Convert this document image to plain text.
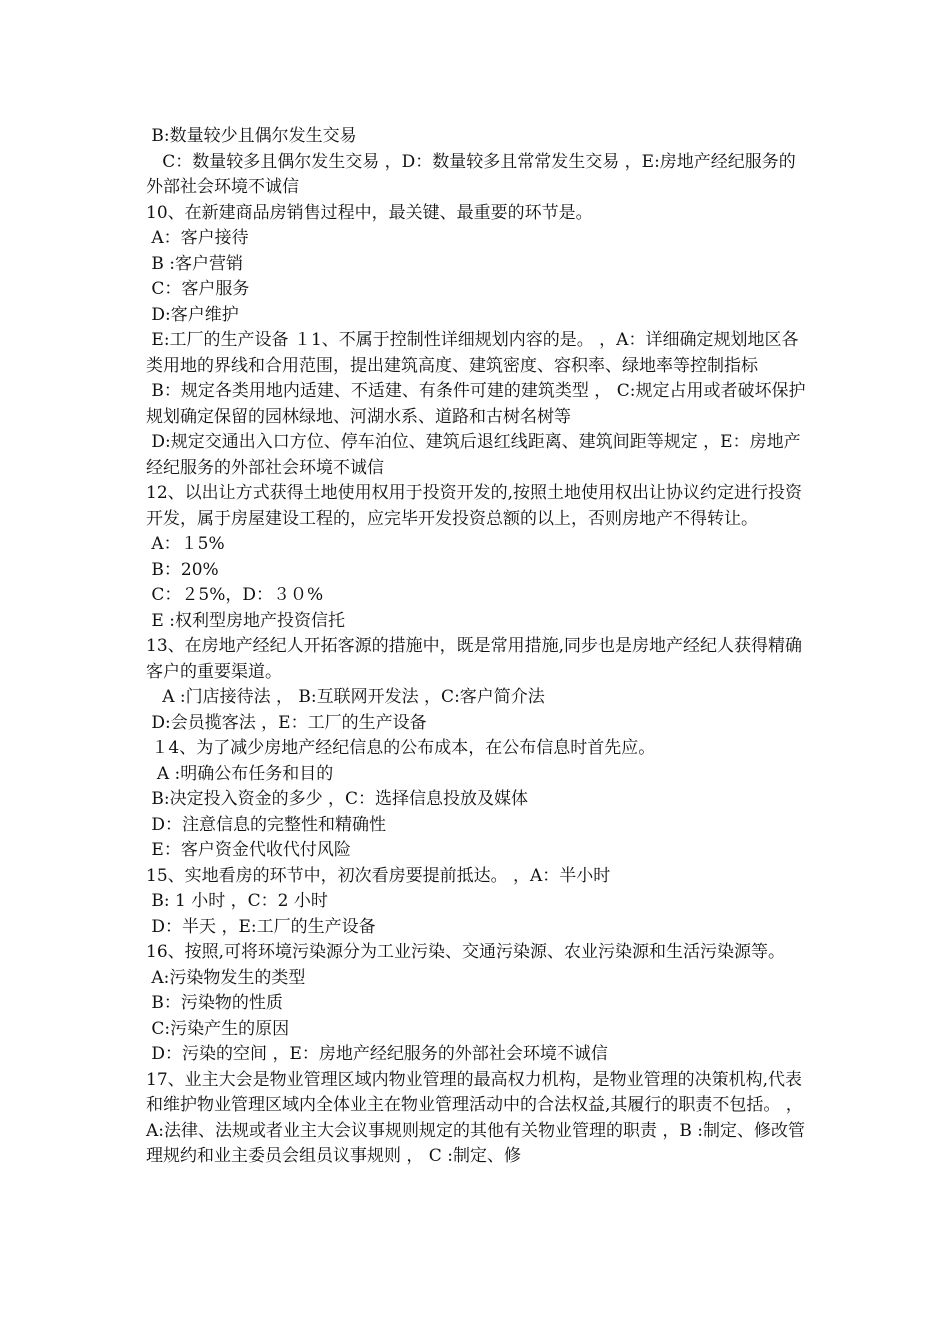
B:数量较少且偶尔发生交易

C：数量较多且偶尔发生交易 ，D：数量较多且常常发生交易 ，E:房地产经纪服务的外部社会环境不诚信

10、在新建商品房销售过程中，最关键、最重要的环节是。

A：客户接待

B :客户营销

C：客户服务

D:客户维护

E:工厂的生产设备 １1、不属于控制性详细规划内容的是。 ，A：详细确定规划地区各类用地的界线和合用范围，提出建筑高度、建筑密度、容积率、绿地率等控制指标

B：规定各类用地内适建、不适建、有条件可建的建筑类型 ， C:规定占用或者破坏保护规划确定保留的园林绿地、河湖水系、道路和古树名树等

D:规定交通出入口方位、停车泊位、建筑后退红线距离、建筑间距等规定 ，E：房地产经纪服务的外部社会环境不诚信

12、以出让方式获得土地使用权用于投资开发的,按照土地使用权出让协议约定进行投资开发，属于房屋建设工程的，应完毕开发投资总额的以上，否则房地产不得转让。

A：１5%

B：20%

C：２5%，D：３０%

E :权利型房地产投资信托

13、在房地产经纪人开拓客源的措施中，既是常用措施,同步也是房地产经纪人获得精确客户的重要渠道。

A :门店接待法 ， B:互联网开发法 ，C:客户简介法

D:会员揽客法 ，E：工厂的生产设备

１4、为了减少房地产经纪信息的公布成本，在公布信息时首先应。

A :明确公布任务和目的

B:决定投入资金的多少 ，C：选择信息投放及媒体

D：注意信息的完整性和精确性

E：客户资金代收代付风险

15、实地看房的环节中，初次看房要提前抵达。 ，A：半小时

B: 1 小时 ，C：2 小时

D：半天 ，E:工厂的生产设备

16、按照,可将环境污染源分为工业污染、交通污染源、农业污染源和生活污染源等。

A:污染物发生的类型

B：污染物的性质

C:污染产生的原因

D：污染的空间 ，E：房地产经纪服务的外部社会环境不诚信

17、业主大会是物业管理区域内物业管理的最高权力机构，是物业管理的决策机构,代表和维护物业管理区域内全体业主在物业管理活动中的合法权益,其履行的职责不包括。 ，A:法律、法规或者业主大会议事规则规定的其他有关物业管理的职责 ，B :制定、修改管理规约和业主委员会组员议事规则 ， C :制定、修
